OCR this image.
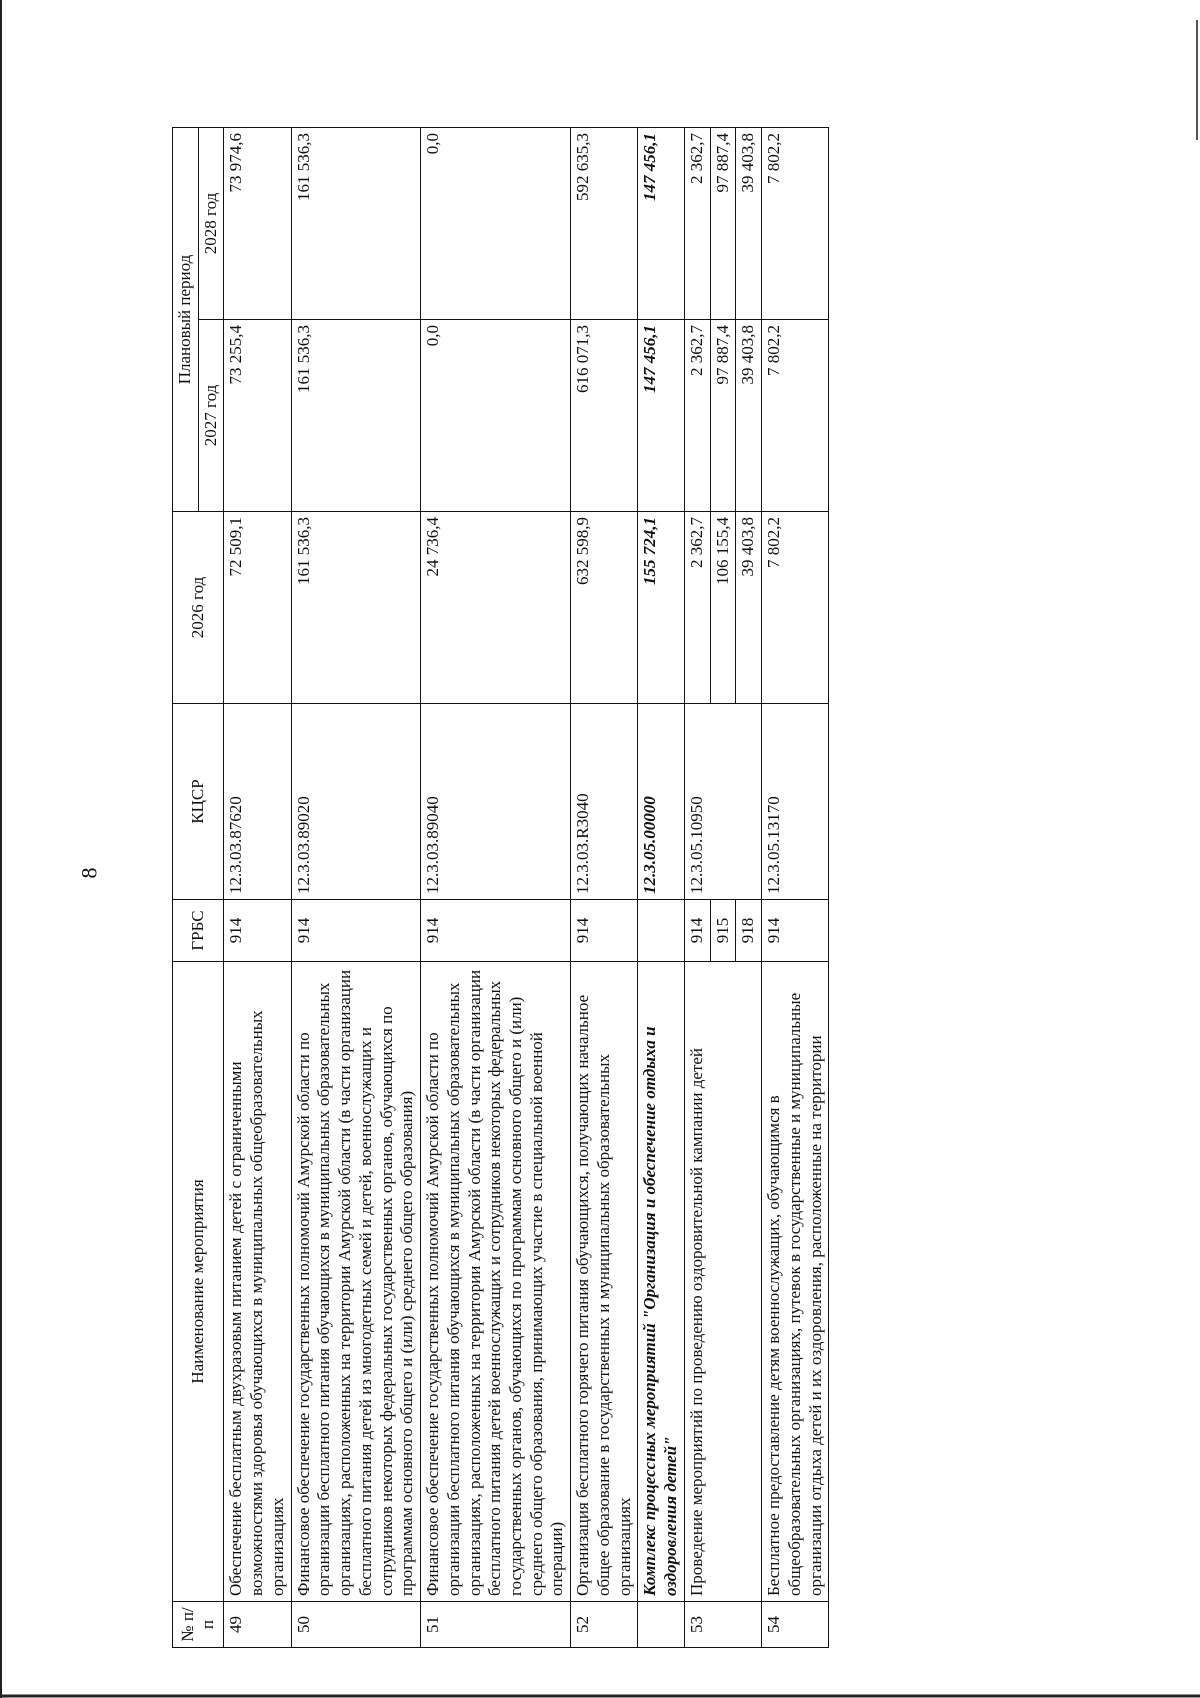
8
№ п/п	Наименование мероприятия	ГРБС	КЦСР	2026 год	Плановый период	
					2027 год	2028 год
49	Обеспечение бесплатным двухразовым питанием детей с ограниченными возможностями здоровья обучающихся в муниципальных общеобразовательных организациях	914	12.3.03.87620	72 509,1	73 255,4	73 974,6
50	Финансовое обеспечение государственных полномочий Амурской области по организации бесплатного питания обучающихся в муниципальных образовательных организациях, расположенных на территории Амурской области (в части организации бесплатного питания детей из многодетных семей и детей, военнослужащих и сотрудников некоторых федеральных государственных органов, обучающихся по программам основного общего и (или) среднего общего образования)	914	12.3.03.89020	161 536,3	161 536,3	161 536,3
51	Финансовое обеспечение государственных полномочий Амурской области по организации бесплатного питания обучающихся в муниципальных образовательных организациях, расположенных на территории Амурской области (в части организации бесплатного питания детей военнослужащих и сотрудников некоторых федеральных государственных органов, обучающихся по программам основного общего и (или) среднего общего образования, принимающих участие в специальной военной операции)	914	12.3.03.89040	24 736,4	0,0	0,0
52	Организация бесплатного горячего питания обучающихся, получающих начальное общее образование в государственных и муниципальных образовательных организациях	914	12.3.03.R3040	632 598,9	616 071,3	592 635,3
	Комплекс процессных мероприятий "Организация и обеспечение отдыха и оздоровления детей"		12.3.05.00000	155 724,1	147 456,1	147 456,1
53	Проведение мероприятий по проведению оздоровительной кампании детей	914	12.3.05.10950	2 362,7	2 362,7	2 362,7
		915		106 155,4	97 887,4	97 887,4
		918		39 403,8	39 403,8	39 403,8
54	Бесплатное предоставление детям военнослужащих, обучающимся в общеобразовательных организациях, путевок в государственные и муниципальные организации отдыха детей и их оздоровления, расположенные на территории	914	12.3.05.13170	7 802,2	7 802,2	7 802,2
